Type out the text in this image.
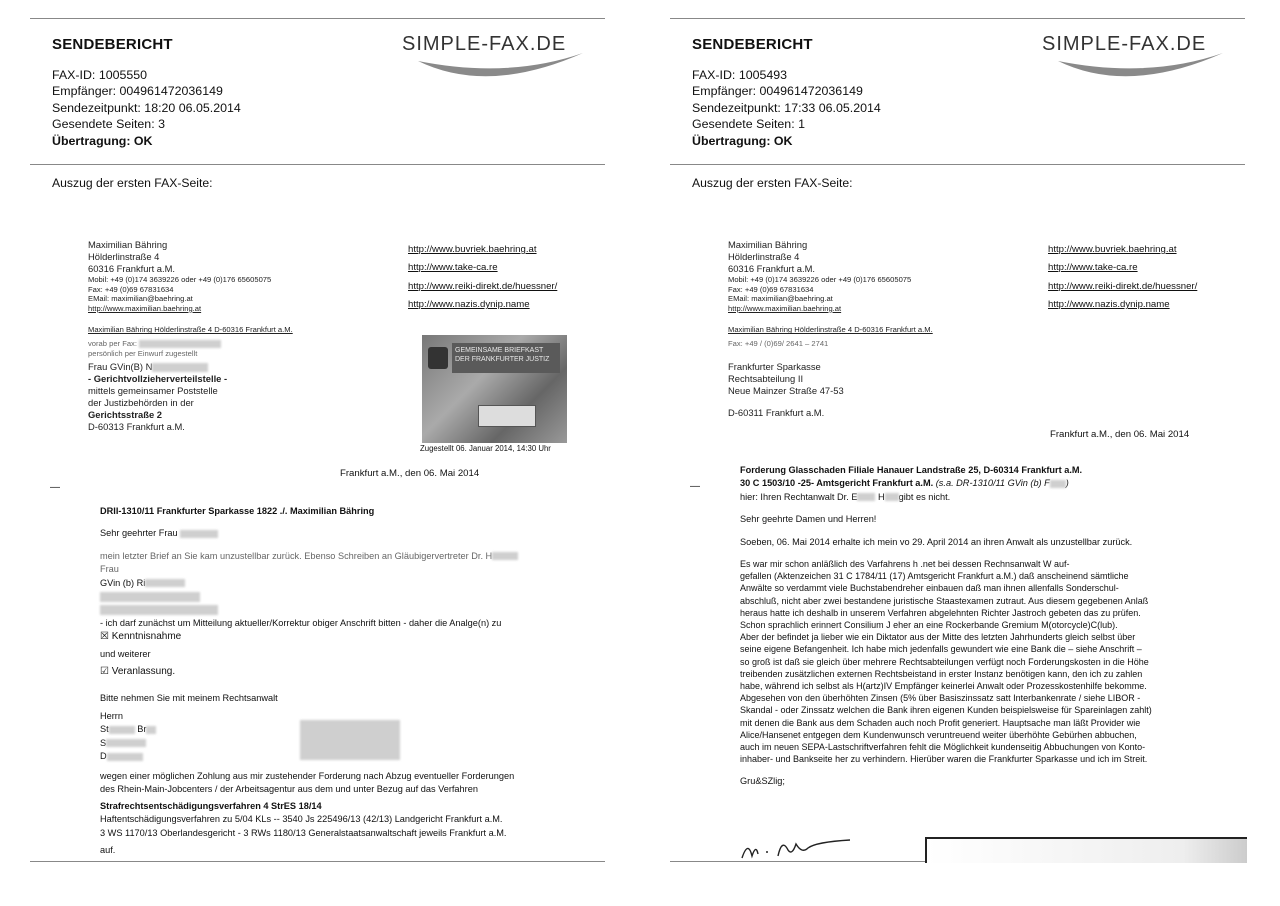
SENDEBERICHT	SIMPLE-FAX.DE
FAX-ID: 1005550
Empfänger: 004961472036149
Sendezeitpunkt: 18:20 06.05.2014
Gesendete Seiten: 3
Übertragung: OK
Auszug der ersten FAX-Seite:
Maximilian Bähring
Hölderlinstraße 4
60316 Frankfurt a.M.
Mobil: +49 (0)174 3639226 oder +49 (0)176 65605075
Fax: +49 (0)69 67831634
EMail: maximilian@baehring.at
http://www.maximilian.baehring.at
Maximilian Bähring Hölderlinstraße 4 D-60316 Frankfurt a.M.
vorab per Fax:
persönlich per Einwurf zugestellt
Frau GVin(B) N
- Gerichtvollzieherverteilstelle -
mittels gemeinsamer Poststelle
der Justizbehörden in der
Gerichtsstraße 2
D-60313 Frankfurt a.M.
http://www.buvriek.baehring.at
http://www.take-ca.re
http://www.reiki-direkt.de/huessner/
http://www.nazis.dynip.name
GEMEINSAME BRIEFKAST DER FRANKFURTER JUSTIZ
Zugestellt 06. Januar 2014, 14:30 Uhr
Frankfurt a.M., den 06. Mai 2014
—

DRII-1310/11 Frankfurter Sparkasse 1822 ./. Maximilian Bähring

Sehr geehrter Frau

mein letzter Brief an Sie kam unzustellbar zurück. Ebenso Schreiben an Gläubigervertreter Dr. H

Frau

GVin (b) Ri

- ich darf zunächst um Mitteilung aktueller/Korrektur obiger Anschrift bitten - daher die Analge(n) zu

☒ Kenntnisnahme

und weiterer

☑ Veranlassung.

Bitte nehmen Sie mit meinem Rechtsanwalt

Herrn

St	Br

S

D

wegen einer möglichen Zohlung aus mir zustehender Forderung nach Abzug eventueller Forderungen

des Rhein-Main-Jobcenters / der Arbeitsagentur aus dem und unter Bezug auf das Verfahren

Strafrechtsentschädigungsverfahren 4 StrES 18/14

Haftentschädigungsverfahren zu 5/04 KLs -- 3540 Js 225496/13 (42/13) Landgericht Frankfurt a.M.

3 WS 1170/13 Oberlandesgericht - 3 RWs 1180/13 Generalstaatsanwaltschaft jeweils Frankfurt a.M.

auf.

SENDEBERICHT	SIMPLE-FAX.DE
FAX-ID: 1005493
Empfänger: 004961472036149
Sendezeitpunkt: 17:33 06.05.2014
Gesendete Seiten: 1
Übertragung: OK
Auszug der ersten FAX-Seite:
Maximilian Bähring
Hölderlinstraße 4
60316 Frankfurt a.M.
Mobil: +49 (0)174 3639226 oder +49 (0)176 65605075
Fax: +49 (0)69 67831634
EMail: maximilian@baehring.at
http://www.maximilian.baehring.at
Maximilian Bähring Hölderlinstraße 4 D-60316 Frankfurt a.M.
Fax: +49 / (0)69/ 2641 – 2741
Frankfurter Sparkasse
Rechtsabteilung II
Neue Mainzer Straße 47-53
D-60311 Frankfurt a.M.
http://www.buvriek.baehring.at
http://www.take-ca.re
http://www.reiki-direkt.de/huessner/
http://www.nazis.dynip.name
Frankfurt a.M., den 06. Mai 2014
—

Forderung Glasschaden Filiale Hanauer Landstraße 25, D-60314 Frankfurt a.M.

30 C 1503/10 -25- Amtsgericht Frankfurt a.M. (s.a. DR-1310/11 GVin (b) F )

hier: Ihren Rechtanwalt Dr. E H gibt es nicht.

Sehr geehrte Damen und Herren!

Soeben, 06. Mai 2014 erhalte ich mein vo 29. April 2014 an ihren Anwalt als unzustellbar zurück.

Es war mir schon anläßlich des Varfahrens h .net bei dessen Rechnsanwalt W auf-

gefallen (Aktenzeichen 31 C 1784/11 (17) Amtsgericht Frankfurt a.M.) daß anscheinend sämtliche

Anwälte so verdammt viele Buchstabendreher einbauen daß man ihnen allenfalls Sonderschul-

abschluß, nicht aber zwei bestandene juristische Staastexamen zutraut. Aus diesem gegebenen Anlaß

heraus hatte ich deshalb in unserem Verfahren abgelehnten Richter Jastroch gebeten das zu prüfen.

Schon sprachlich erinnert Consilium J eher an eine Rockerbande Gremium M(otorcycle)C(lub).

Aber der befindet ja lieber wie ein Diktator aus der Mitte des letzten Jahrhunderts gleich selbst über

seine eigene Befangenheit. Ich habe mich jedenfalls gewundert wie eine Bank die – siehe Anschrift –

so groß ist daß sie gleich über mehrere Rechtsabteilungen verfügt noch Forderungskosten in die Höhe

treibenden zusätzlichen externen Rechtsbeistand in erster Instanz benötigen kann, den ich zu zahlen

habe, während ich selbst als H(artz)IV Empfänger keinerlei Anwalt oder Prozesskostenhilfe bekomme.

Abgesehen von den überhöhten Zinsen (5% über Basiszinssatz satt Interbankenrate / siehe LIBOR -

Skandal - oder Zinssatz welchen die Bank ihren eigenen Kunden beispielsweise für Spareinlagen zahlt)

mit denen die Bank aus dem Schaden auch noch Profit generiert. Hauptsache man läßt Provider wie

Alice/Hansenet entgegen dem Kundenwunsch veruntreuend weiter überhöhte Gebürhen abbuchen,

auch im neuen SEPA-Lastschriftverfahren fehlt die Möglichkeit kundenseitig Abbuchungen von Konto-

inhaber- und Bankseite her zu verhindern. Hierüber waren die Frankfurter Sparkasse und ich im Streit.

Gru&SZlig;
